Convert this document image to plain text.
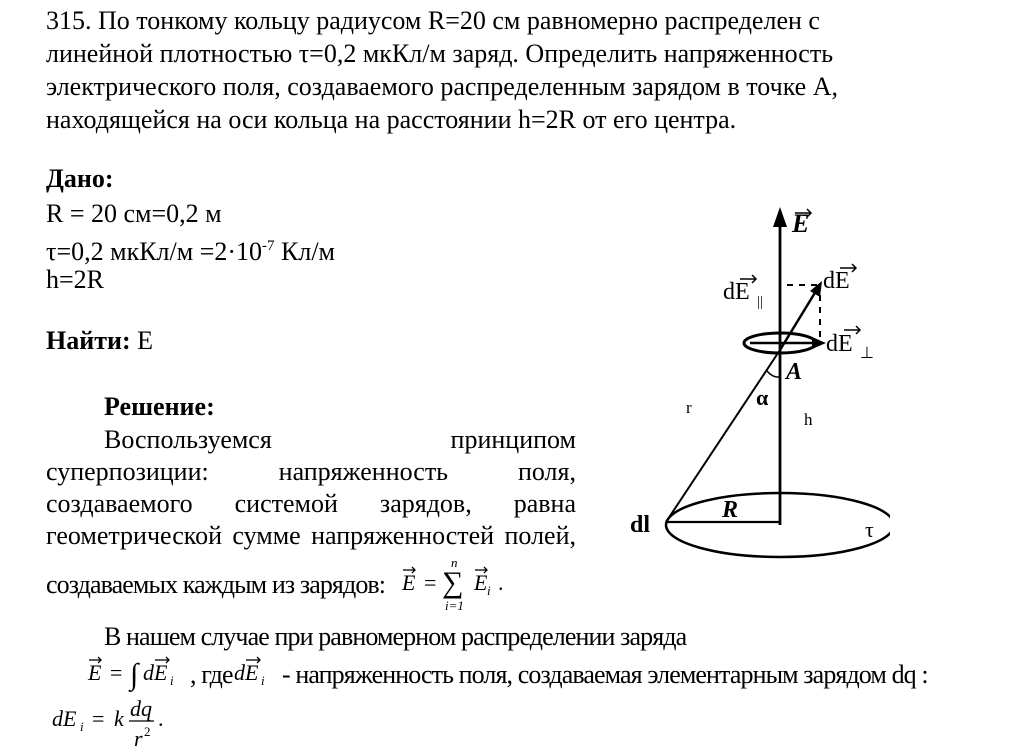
315. По тонкому кольцу радиусом R=20 см равномерно распределен с
линейной плотностью τ=0,2 мкКл/м заряд. Определить напряженность
электрического поля, создаваемого распределенным зарядом в точке А,
находящейся на оси кольца на расстоянии h=2R от его центра.
Дано:
R = 20 см=0,2 м
τ=0,2 мкКл/м $=2\cdot 10^{-7}$ Кл/м
h=2R
Найти: Е
Решение:
Воспользуемся принципом
суперпозиции: напряженность поля,
создаваемого системой зарядов, равна
геометрической сумме напряженностей полей,
создаваемых каждым из зарядов: E =
n
∑
i=1
E i .
В нашем случае при равномерном распределении заряда
E = ∫ dE i , где dE i - напряженность поля, создаваемая элементарным зарядом dq :
dE i = k dq
r 2
.
E
dE ||
dE
dE ⊥
A
α
r
h
R
dl	τ
